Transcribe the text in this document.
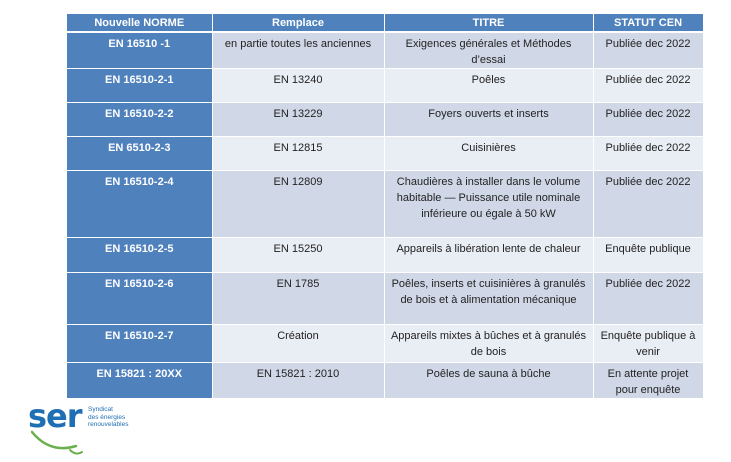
Nouvelle NORME	Remplace	TITRE	STATUT CEN
EN 16510 -1	en partie toutes les anciennes	Exigences générales et Méthodes d’essai	Publiée dec 2022
EN 16510-2-1	EN 13240	Poêles	Publiée dec 2022
EN 16510-2-2	EN 13229	Foyers ouverts et inserts	Publiée dec 2022
EN 6510-2-3	EN 12815	Cuisinières	Publiée dec 2022
EN 16510-2-4	EN 12809	Chaudières à installer dans le volume habitable — Puissance utile nominale inférieure ou égale à 50 kW	Publiée dec 2022
EN 16510-2-5	EN 15250	Appareils à libération lente de chaleur	Enquête publique
EN 16510-2-6	EN 1785	Poêles, inserts et cuisinières à granulés de bois et à alimentation mécanique	Publiée dec 2022
EN 16510-2-7	Création	Appareils mixtes à bûches et à granulés de bois	Enquête publique à venir
EN 15821 : 20XX	EN 15821 : 2010	Poêles de sauna à bûche	En attente projet pour enquête
ser Syndicat
des énergies
renouvelables
